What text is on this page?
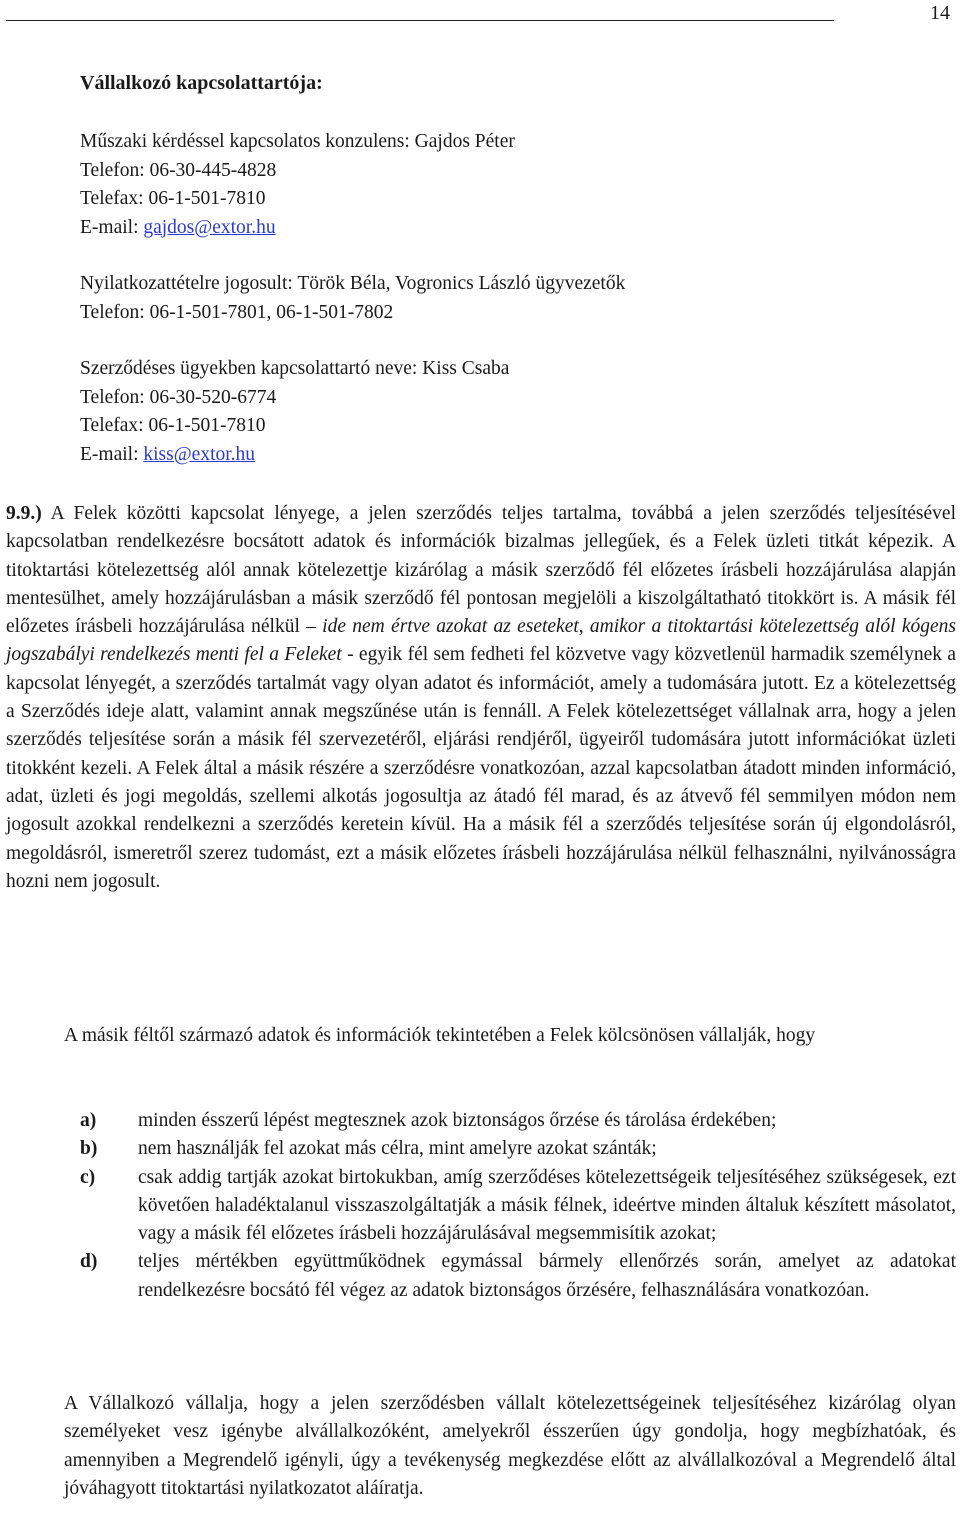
14
Vállalkozó kapcsolattartója:
Műszaki kérdéssel kapcsolatos konzulens: Gajdos Péter
Telefon: 06-30-445-4828
Telefax: 06-1-501-7810
E-mail: gajdos@extor.hu
Nyilatkozattételre jogosult: Török Béla, Vogronics László ügyvezetők
Telefon: 06-1-501-7801, 06-1-501-7802
Szerződéses ügyekben kapcsolattartó neve: Kiss Csaba
Telefon: 06-30-520-6774
Telefax: 06-1-501-7810
E-mail: kiss@extor.hu
9.9.) A Felek közötti kapcsolat lényege, a jelen szerződés teljes tartalma, továbbá a jelen szerződés teljesítésével kapcsolatban rendelkezésre bocsátott adatok és információk bizalmas jellegűek, és a Felek üzleti titkát képezik. A titoktartási kötelezettség alól annak kötelezettje kizárólag a másik szerződő fél előzetes írásbeli hozzájárulása alapján mentesülhet, amely hozzájárulásban a másik szerződő fél pontosan megjelöli a kiszolgáltatható titokkört is. A másik fél előzetes írásbeli hozzájárulása nélkül – ide nem értve azokat az eseteket, amikor a titoktartási kötelezettség alól kógens jogszabályi rendelkezés menti fel a Feleket - egyik fél sem fedheti fel közvetve vagy közvetlenül harmadik személynek a kapcsolat lényegét, a szerződés tartalmát vagy olyan adatot és információt, amely a tudomására jutott. Ez a kötelezettség a Szerződés ideje alatt, valamint annak megszűnése után is fennáll. A Felek kötelezettséget vállalnak arra, hogy a jelen szerződés teljesítése során a másik fél szervezetéről, eljárási rendjéről, ügyeiről tudomására jutott információkat üzleti titokként kezeli. A Felek által a másik részére a szerződésre vonatkozóan, azzal kapcsolatban átadott minden információ, adat, üzleti és jogi megoldás, szellemi alkotás jogosultja az átadó fél marad, és az átvevő fél semmilyen módon nem jogosult azokkal rendelkezni a szerződés keretein kívül. Ha a másik fél a szerződés teljesítése során új elgondolásról, megoldásról, ismeretről szerez tudomást, ezt a másik előzetes írásbeli hozzájárulása nélkül felhasználni, nyilvánosságra hozni nem jogosult.
A másik féltől származó adatok és információk tekintetében a Felek kölcsönösen vállalják, hogy
a) minden ésszerű lépést megtesznek azok biztonságos őrzése és tárolása érdekében;
b) nem használják fel azokat más célra, mint amelyre azokat szánták;
c) csak addig tartják azokat birtokukban, amíg szerződéses kötelezettségeik teljesítéséhez szükségesek, ezt követően haladéktalanul visszaszolgáltatják a másik félnek, ideértve minden általuk készített másolatot, vagy a másik fél előzetes írásbeli hozzájárulásával megsemmisítik azokat;
d) teljes mértékben együttműködnek egymással bármely ellenőrzés során, amelyet az adatokat rendelkezésre bocsátó fél végez az adatok biztonságos őrzésére, felhasználására vonatkozóan.
A Vállalkozó vállalja, hogy a jelen szerződésben vállalt kötelezettségeinek teljesítéséhez kizárólag olyan személyeket vesz igénybe alvállalkozóként, amelyekről ésszerűen úgy gondolja, hogy megbízhatóak, és amennyiben a Megrendelő igényli, úgy a tevékenység megkezdése előtt az alvállalkozóval a Megrendelő által jóváhagyott titoktartási nyilatkozatot aláíratja.
